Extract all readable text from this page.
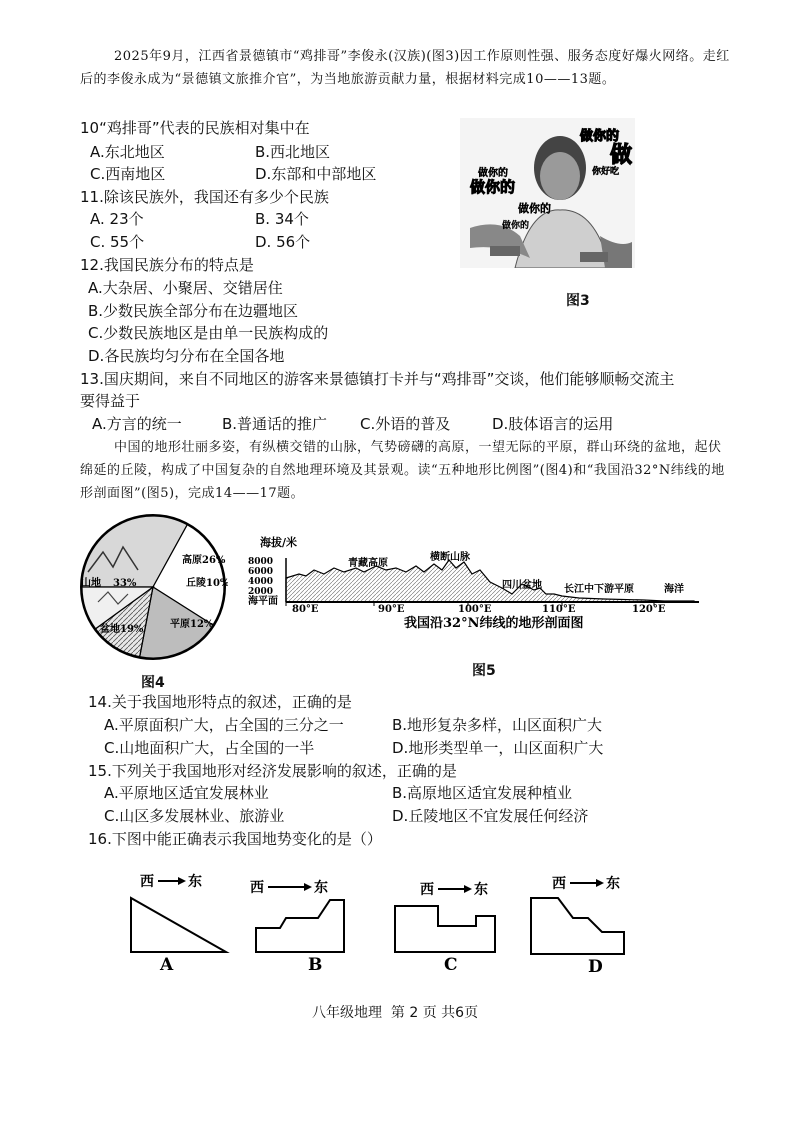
2025年9月，江西省景德镇市“鸡排哥”李俊永(汉族)(图3)因工作原则性强、服务态度好爆火网络。走红后的李俊永成为“景德镇文旅推介官”，为当地旅游贡献力量，根据材料完成10——13题。
10“鸡排哥”代表的民族相对集中在
A.东北地区	B.西北地区
C.西南地区	D.东部和中部地区
11.除该民族外，我国还有多少个民族
A. 23个	B. 34个
C. 55个	D. 56个
12.我国民族分布的特点是
A.大杂居、小聚居、交错居住
B.少数民族全部分布在边疆地区
C.少数民族地区是由单一民族构成的
D.各民族均匀分布在全国各地
做你的
做
你好吃
做你的
做你的
做你的
做你的
图3
13.国庆期间，来自不同地区的游客来景德镇打卡并与“鸡排哥”交谈，他们能够顺畅交流主
要得益于
A.方言的统一	B.普通话的推广 C.外语的普及	D.肢体语言的运用
中国的地形壮丽多姿，有纵横交错的山脉，气势磅礴的高原，一望无际的平原，群山环绕的盆地，起伏绵延的丘陵，构成了中国复杂的自然地理环境及其景观。读“五种地形比例图”(图4)和“我国沿32°N纬线的地形剖面图”(图5)，完成14——17题。
高原 26%
丘陵10%
山地 33%
盆地19%	平原12%
图4
海拔/米
8000
6000
4000
2000
海平面
80°E	90°E	100°E	110°E	120°E
青藏高原
横断山脉
四川盆地 长江中下游平原	海洋
我国沿32°N纬线的地形剖面图
图5
14.关于我国地形特点的叙述，正确的是
A.平原面积广大，占全国的三分之一	B.地形复杂多样，山区面积广大
C.山地面积广大，占全国的一半	D.地形类型单一，山区面积广大
15.下列关于我国地形对经济发展影响的叙述，正确的是
A.平原地区适宜发展林业	B.高原地区适宜发展种植业
C.山区多发展林业、旅游业	D.丘陵地区不宜发展任何经济
16.下图中能正确表示我国地势变化的是（）
西 东
A
西	东
B
西	东
C
西	东
D
八年级地理  第 2 页 共6页
